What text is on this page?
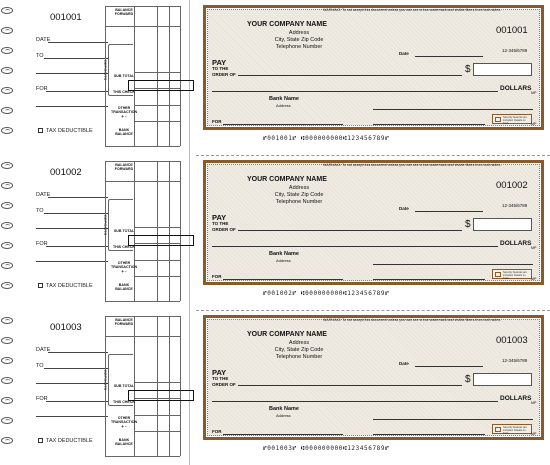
001001
DATE
TO
FOR
TAX DEDUCTIBLE
BALANCE FORWARD
DEPOSITS SUB TOTAL
THIS CHECK
OTHER TRANSACTION
+ -
BANK BALANCE
WARNING: To not accept this document unless you can see a true watermark and visible fibers from both sides.
YOUR COMPANY NAME
Address
City, State Zip Code
Telephone Number
001001
12-345/6789
Date
PAY
TO THE
ORDER OF	$
DOLLARS
Bank Name
Address
FOR
Security features are included. Details on back.	MP
MP
⑈001001⑈ ⑆000000000⑆123456789⑈
001002
DATE
TO
FOR
TAX DEDUCTIBLE
BALANCE FORWARD
DEPOSITS SUB TOTAL
THIS CHECK
OTHER TRANSACTION
+ -
BANK BALANCE
WARNING: To not accept this document unless you can see a true watermark and visible fibers from both sides.
YOUR COMPANY NAME
Address
City, State Zip Code
Telephone Number
001002
12-345/6789
Date
PAY
TO THE
ORDER OF	$
DOLLARS
Bank Name
Address
FOR
Security features are included. Details on back.	MP
MP
⑈001002⑈ ⑆000000000⑆123456789⑈
001003
DATE
TO
FOR
TAX DEDUCTIBLE
BALANCE FORWARD
DEPOSITS SUB TOTAL
THIS CHECK
OTHER TRANSACTION
+ -
BANK BALANCE
WARNING: To not accept this document unless you can see a true watermark and visible fibers from both sides.
YOUR COMPANY NAME
Address
City, State Zip Code
Telephone Number
001003
12-345/6789
Date
PAY
TO THE
ORDER OF	$
DOLLARS
Bank Name
Address
FOR
Security features are included. Details on back.	MP
MP
⑈001003⑈ ⑆000000000⑆123456789⑈
